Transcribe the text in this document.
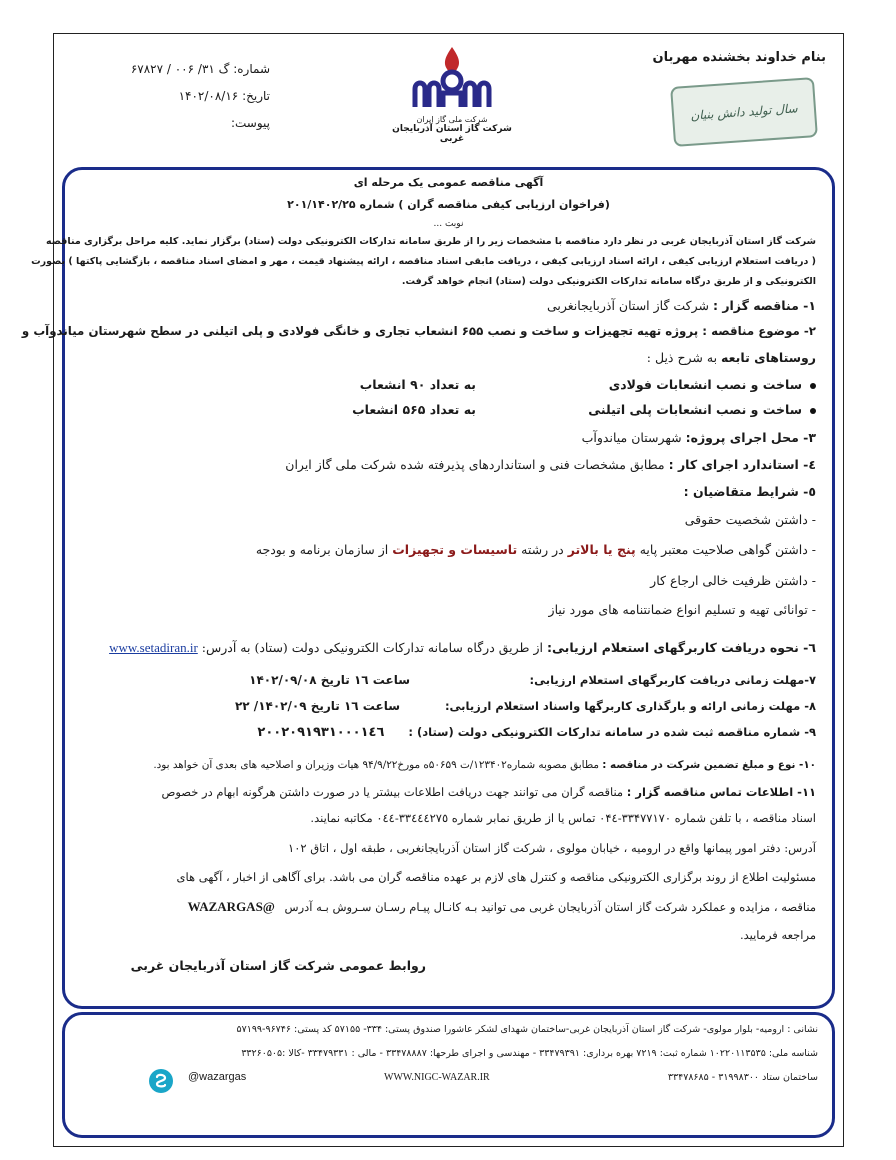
بنام خداوند بخشنده مهربان
سال تولید دانش بنیان
شرکت ملی گاز ایران
شرکت گاز استان آذربایجان غربی
شماره: گ ۳۱/ ۰۰۶ / ۶۷۸۲۷
تاریخ: ۱۴۰۲/۰۸/۱۶
پیوست:
آگهی مناقصه عمومی یک مرحله ای
(فراخوان ارزیابی کیفی مناقصه گران ) شماره ۲۰۱/۱۴۰۲/۲۵
نوبت ...
شرکت گاز استان آذربایجان غربی در نظر دارد مناقصه با مشخصات زیر را از طریق سامانه تدارکات الکترونیکی دولت (ستاد) برگزار نماید. کلیه مراحل برگزاری مناقصه
( دریافت استعلام ارزیابی کیفی ، ارائه اسناد ارزیابی کیفی ، دریافت مابقی اسناد مناقصه ، ارائه پیشنهاد قیمت ، مهر و امضای اسناد مناقصه ، بازگشایی پاکتها ) بصورت
الکترونیکی و از طریق درگاه سامانه تدارکات الکترونیکی دولت (ستاد) انجام خواهد گرفت.
۱- مناقصه گزار : شرکت گاز استان آذربایجانغربی
۲- موضوع مناقصه : پروژه تهیه تجهیزات و ساخت و نصب ۶۵۵ انشعاب تجاری و خانگی فولادی و پلی اتیلنی در سطح شهرستان میاندوآب و
روستاهای تابعه به شرح ذیل :
ساخت و نصب انشعابات فولادی
به تعداد ۹۰ انشعاب
ساخت و نصب انشعابات پلی اتیلنی
به تعداد ۵۶۵ انشعاب
۳- محل اجرای پروژه: شهرستان میاندوآب
٤- استاندارد اجرای کار : مطابق مشخصات فنی و استانداردهای پذیرفته شده شرکت ملی گاز ایران
٥- شرایط متقاضیان :
- داشتن شخصیت حقوقی
- داشتن گواهی صلاحیت معتبر پایه پنج یا بالاتر در رشته تاسیسات و تجهیزات از سازمان برنامه و بودجه
- داشتن ظرفیت خالی ارجاع کار
- توانائی تهیه و تسلیم انواع ضمانتنامه های مورد نیاز
٦- نحوه دریافت کاربرگهای استعلام ارزیابی: از طریق درگاه سامانه تدارکات الکترونیکی دولت (ستاد) به آدرس: www.setadiran.ir
۷-مهلت زمانی دریافت کاربرگهای استعلام ارزیابی:
ساعت ۱٦ تاریخ ۱۴۰۲/۰۹/۰۸
۸- مهلت زمانی ارائه و بارگذاری کاربرگها واسناد استعلام ارزیابی:
ساعت ۱٦ تاریخ ۱۴۰۲/۰۹/ ۲۲
۹- شماره مناقصه ثبت شده در سامانه تدارکات الکترونیکی دولت (ستاد) : ۲۰۰۲۰۹۱۹۳۱۰۰۰۱٤٦
۱۰- نوع و مبلغ تضمین شرکت در مناقصه : مطابق مصوبه شماره۱۲۳۴۰۲/ت ۵۰۶۵۹ه مورخ۹۴/۹/۲۲ هیات وزیران و اصلاحیه های بعدی آن خواهد بود.
۱۱- اطلاعات تماس مناقصه گزار : مناقصه گران می توانند جهت دریافت اطلاعات بیشتر یا در صورت داشتن هرگونه ابهام در خصوص
اسناد مناقصه ، با تلفن شماره ۳۳۴۷۷۱۷۰-۰۴٤ تماس یا از طریق نمابر شماره ۳۳٤٤٤٢٧٥-۰٤٤ مکاتبه نمایند.
آدرس: دفتر امور پیمانها واقع در ارومیه ، خیابان مولوی ، شرکت گاز استان آذربایجانغربی ، طبقه اول ، اتاق ۱۰۲
مسئولیت اطلاع از روند برگزاری الکترونیکی مناقصه و کنترل های لازم بر عهده مناقصه گران می باشد. برای آگاهی از اخبار ، آگهی های
مناقصه ، مزایده و عملکرد شرکت گاز استان آذربایجان غربی می توانید بـه کانـال پیـام رسـان سـروش بـه آدرس @WAZARGAS
مراجعه فرمایید.
روابط عمومی شرکت گاز استان آذربایجان غربی
نشانی : ارومیه- بلوار مولوی- شرکت گاز استان آذربایجان غربی-ساختمان شهدای لشکر عاشورا صندوق پستی: ۳۳۴- ۵۷۱۵۵ کد پستی: ۹۶۷۴۶-۵۷۱۹۹
شناسه ملی: ۱۰۲۲۰۱۱۳۵۳۵ شماره ثبت: ۷۲۱۹ بهره برداری: ۳۳۴۷۹۳۹۱ - مهندسی و اجرای طرحها: ۳۳۴۷۸۸۸۷ - مالی : ۳۳۴۷۹۳۳۱ -کالا :۳۳۲۶۰۵۰۵
ساختمان ستاد ۳۱۹۹۸۳۰۰ - ۳۳۴۷۸۶۸۵
WWW.NIGC-WAZAR.IR
@wazargas
